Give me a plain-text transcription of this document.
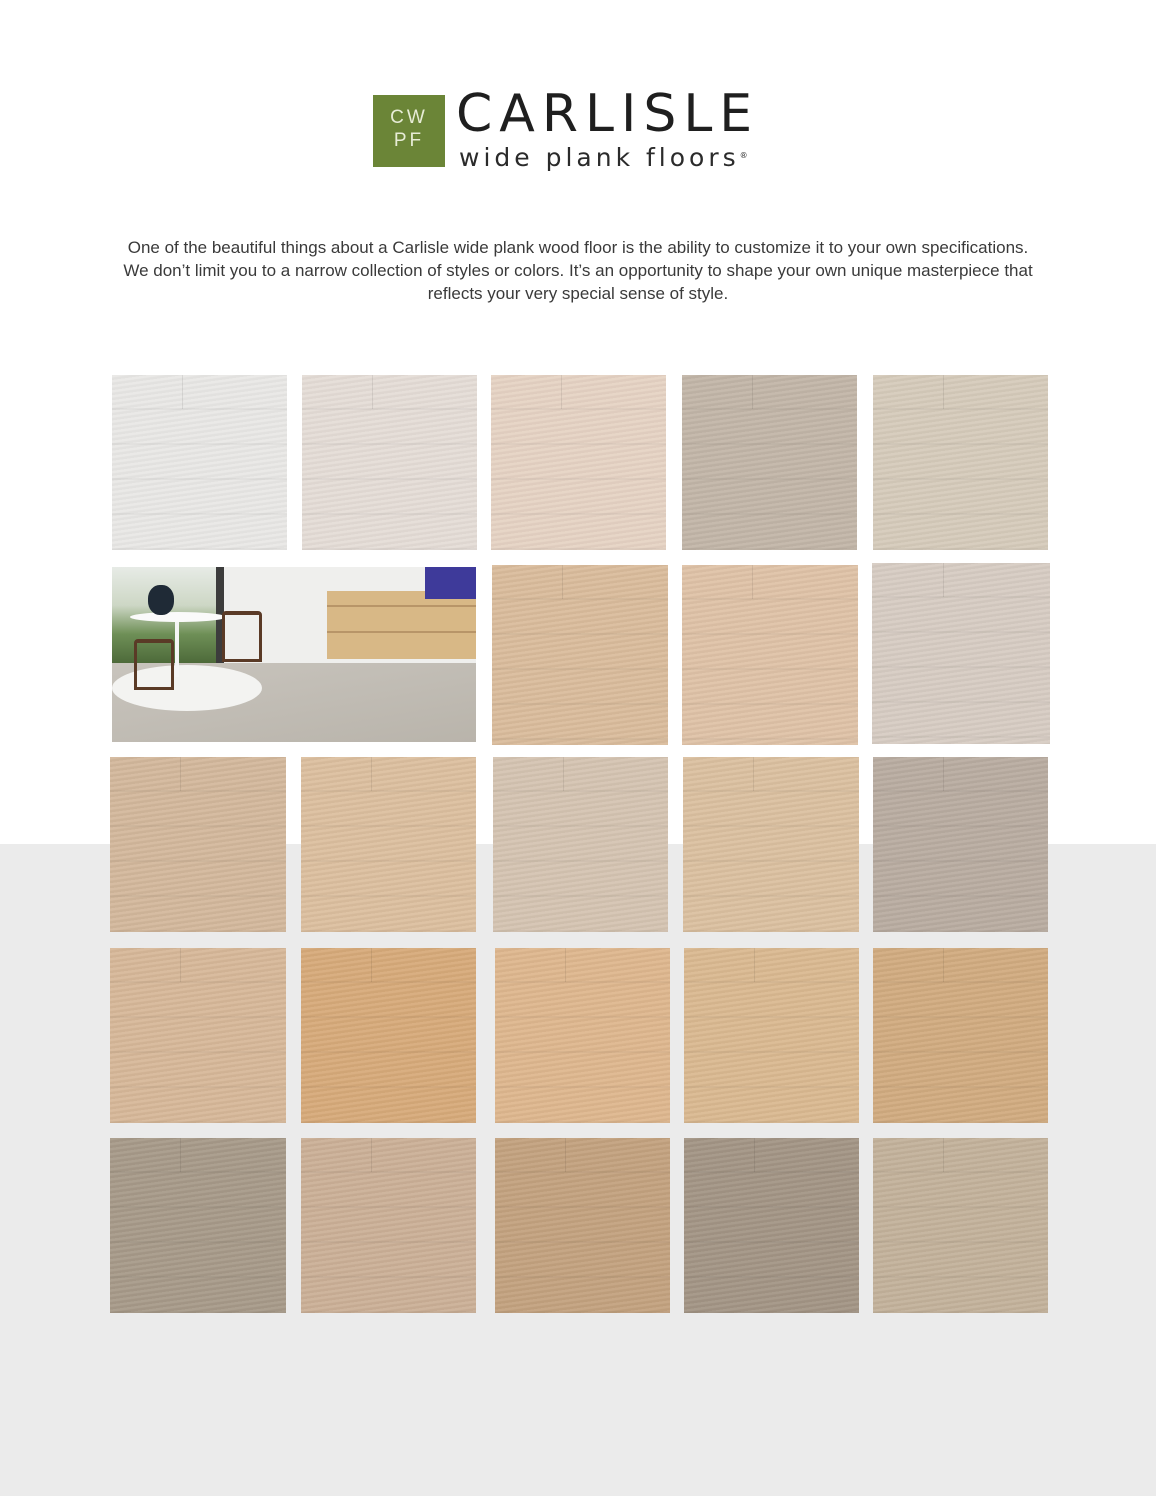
CW
PF CARLISLE
wide plank floors®

One of the beautiful things about a Carlisle wide plank wood floor is the ability to customize it to your own specifications. We don’t limit you to a narrow collection of styles or colors. It’s an opportunity to shape your own unique masterpiece that reflects your very special sense of style.
